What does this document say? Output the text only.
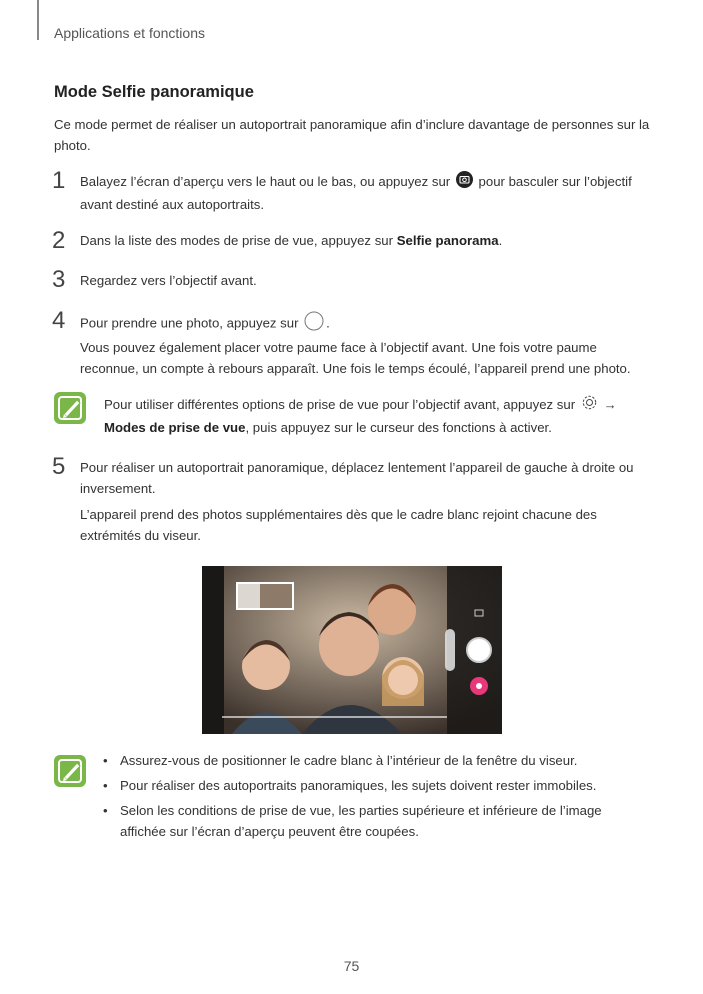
Applications et fonctions
Mode Selfie panoramique
Ce mode permet de réaliser un autoportrait panoramique afin d’inclure davantage de personnes sur la photo.
1 Balayez l’écran d’aperçu vers le haut ou le bas, ou appuyez sur  pour basculer sur l’objectif avant destiné aux autoportraits.
2 Dans la liste des modes de prise de vue, appuyez sur Selfie panorama.
3 Regardez vers l’objectif avant.
4 Pour prendre une photo, appuyez sur .
Vous pouvez également placer votre paume face à l’objectif avant. Une fois votre paume reconnue, un compte à rebours apparaît. Une fois le temps écoulé, l’appareil prend une photo.
Pour utiliser différentes options de prise de vue pour l’objectif avant, appuyez sur  → Modes de prise de vue, puis appuyez sur le curseur des fonctions à activer.
5 Pour réaliser un autoportrait panoramique, déplacez lentement l’appareil de gauche à droite ou inversement.
L’appareil prend des photos supplémentaires dès que le cadre blanc rejoint chacune des extrémités du viseur.
• Assurez-vous de positionner le cadre blanc à l’intérieur de la fenêtre du viseur.
• Pour réaliser des autoportraits panoramiques, les sujets doivent rester immobiles.
• Selon les conditions de prise de vue, les parties supérieure et inférieure de l’image affichée sur l’écran d’aperçu peuvent être coupées.
75
